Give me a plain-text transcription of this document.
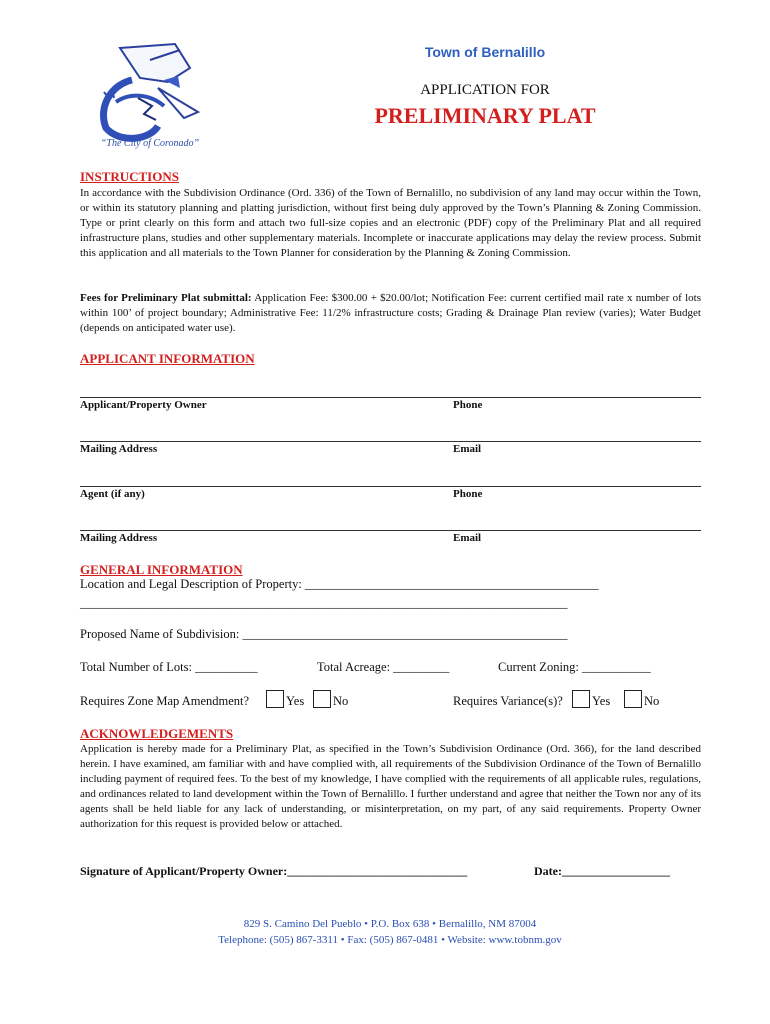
“The City of Coronado”
Town of Bernalillo
APPLICATION FOR
PRELIMINARY PLAT
INSTRUCTIONS
In accordance with the Subdivision Ordinance (Ord. 336) of the Town of Bernalillo, no subdivision of any land may occur within the Town, or within its statutory planning and platting jurisdiction, without first being duly approved by the Town’s Planning & Zoning Commission. Type or print clearly on this form and attach two full-size copies and an electronic (PDF) copy of the Preliminary Plat and all required infrastructure plans, studies and other supplementary materials. Incomplete or inaccurate applications may delay the review process. Submit this application and all materials to the Town Planner for consideration by the Planning & Zoning Commission.
Fees for Preliminary Plat submittal: Application Fee: $300.00 + $20.00/lot; Notification Fee: current certified mail rate x number of lots within 100’ of project boundary; Administrative Fee: 11/2% infrastructure costs; Grading & Drainage Plan review (varies); Water Budget (depends on anticipated water use).
APPLICANT INFORMATION
Applicant/Property Owner	Phone
Mailing Address	Email
Agent (if any)	Phone
Mailing Address	Email
GENERAL INFORMATION
Location and Legal Description of Property: _______________________________________________
______________________________________________________________________________
Proposed Name of Subdivision: ____________________________________________________
Total Number of Lots: __________	Total Acreage: _________	Current Zoning: ___________
Requires Zone Map Amendment?	Yes No	Requires Variance(s)? Yes	No
ACKNOWLEDGEMENTS
Application is hereby made for a Preliminary Plat, as specified in the Town’s Subdivision Ordinance (Ord. 366), for the land described herein. I have examined, am familiar with and have complied with, all requirements of the Subdivision Ordinance of the Town of Bernalillo including payment of required fees. To the best of my knowledge, I have complied with the requirements of all applicable rules, regulations, and ordinances related to land development within the Town of Bernalillo. I further understand and agree that neither the Town nor any of its agents shall be held liable for any lack of understanding, or misinterpretation, on my part, of any said requirements. Property Owner authorization for this request is provided below or attached.
Signature of Applicant/Property Owner:______________________________	Date:__________________
829 S. Camino Del Pueblo • P.O. Box 638 • Bernalillo, NM 87004
Telephone: (505) 867-3311 • Fax: (505) 867-0481 • Website: www.tobnm.gov
